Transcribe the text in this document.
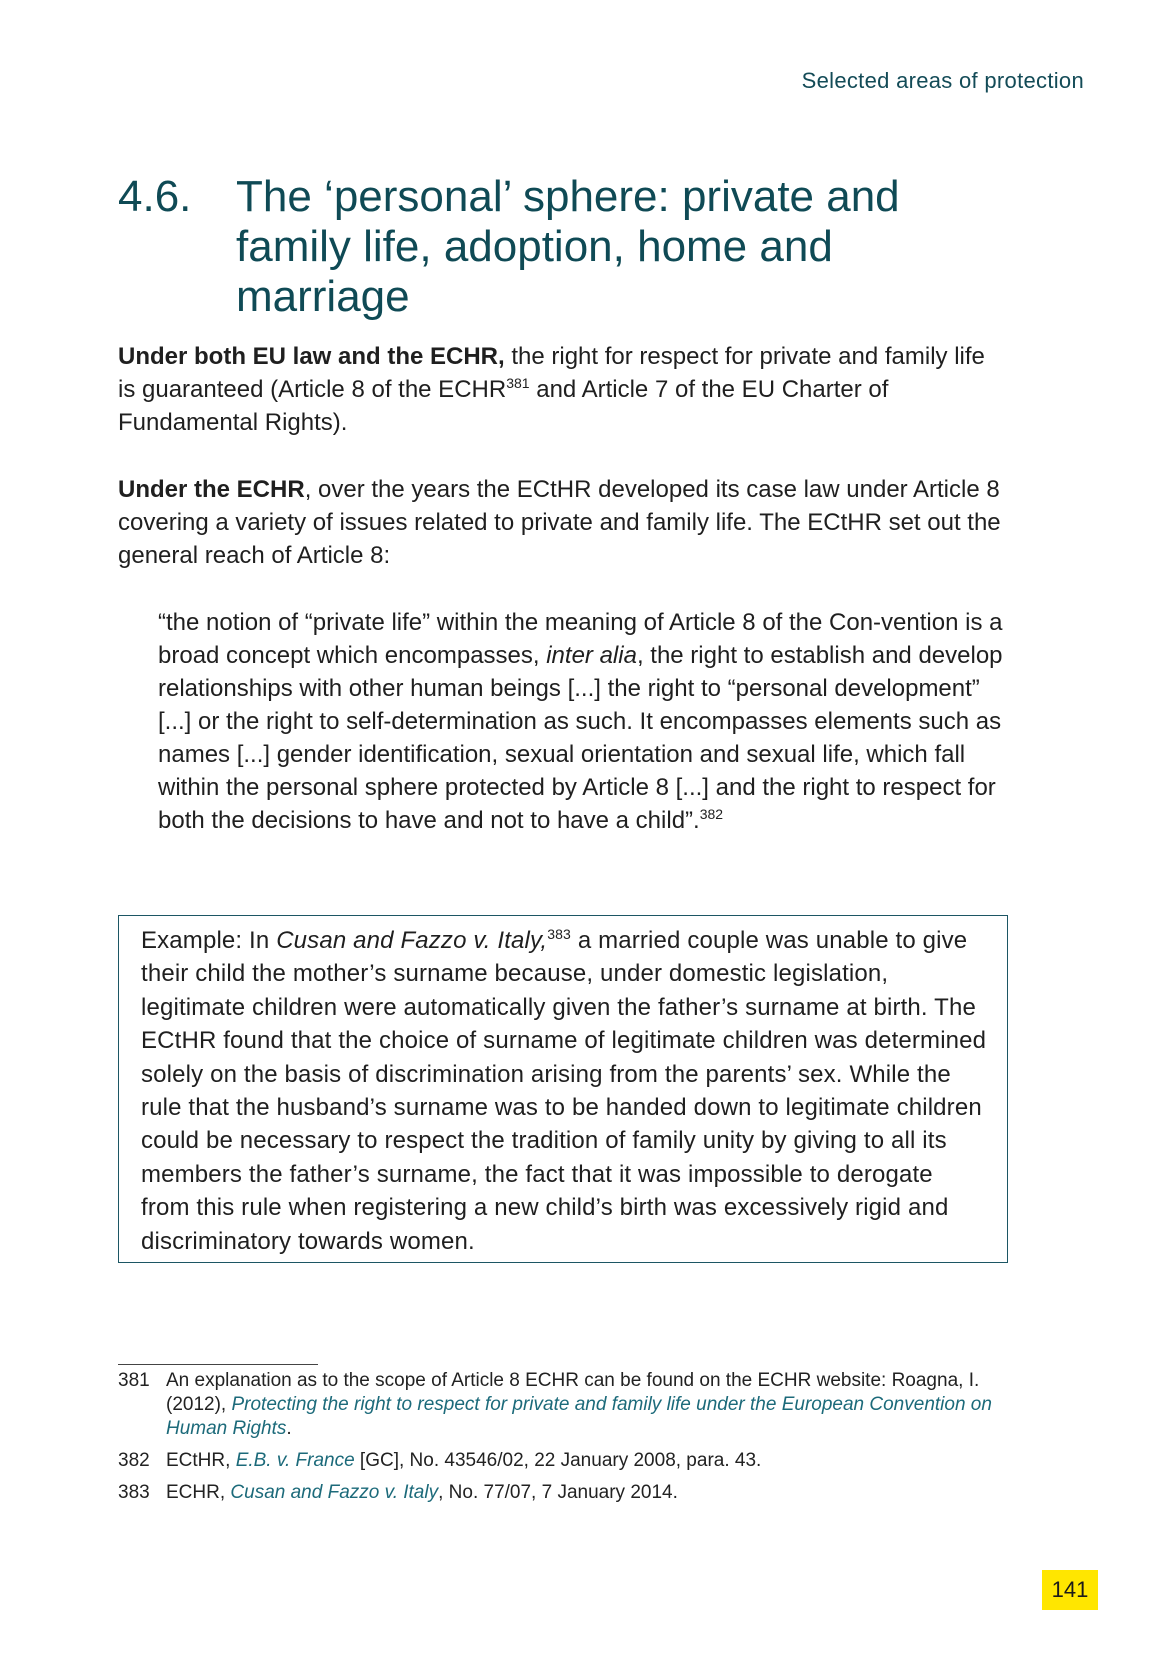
Selected areas of protection
4.6. The ‘personal’ sphere: private and family life, adoption, home and marriage

Under both EU law and the ECHR, the right for respect for private and family life is guaranteed (Article 8 of the ECHR$^{381}$ and Article 7 of the EU Charter of Fundamental Rights).

Under the ECHR, over the years the ECtHR developed its case law under Article 8 covering a variety of issues related to private and family life. The ECtHR set out the general reach of Article 8:

“the notion of “private life” within the meaning of Article 8 of the Con-vention is a broad concept which encompasses, inter alia, the right to establish and develop relationships with other human beings [...] the right to “personal development” [...] or the right to self-determination as such. It encompasses elements such as names [...] gender identification, sexual orientation and sexual life, which fall within the personal sphere protected by Article 8 [...] and the right to respect for both the decisions to have and not to have a child”.$^{382}$

Example: In Cusan and Fazzo v. Italy,$^{383}$ a married couple was unable to give their child the mother’s surname because, under domestic legislation, legitimate children were automatically given the father’s surname at birth. The ECtHR found that the choice of surname of legitimate children was determined solely on the basis of discrimination arising from the parents’ sex. While the rule that the husband’s surname was to be handed down to legitimate children could be necessary to respect the tradition of family unity by giving to all its members the father’s surname, the fact that it was impossible to derogate from this rule when registering a new child’s birth was excessively rigid and discriminatory towards women.
381 An explanation as to the scope of Article 8 ECHR can be found on the ECHR website: Roagna, I. (2012), Protecting the right to respect for private and family life under the European Convention on Human Rights.
382 ECtHR, E.B. v. France [GC], No. 43546/02, 22 January 2008, para. 43.
383 ECHR, Cusan and Fazzo v. Italy, No. 77/07, 7 January 2014.
141
